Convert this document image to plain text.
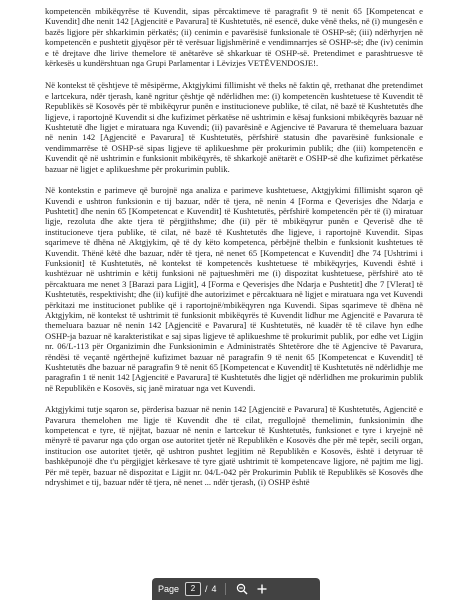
kompetencën mbikëqyrëse të Kuvendit, sipas përcaktimeve të paragrafit 9 të nenit 65 [Kompetencat e Kuvendit] dhe nenit 142 [Agjencitë e Pavarura] të Kushtetutës, në esencë, duke vënë theks, në (i) mungesën e bazës ligjore për shkarkimin përkatës; (ii) cenimin e pavarësisë funksionale të OSHP-së; (iii) ndërhyrjen në kompetencën e pushtetit gjyqësor për të verësuar ligjshmërinë e vendimnarrjes së OSHP-së; dhe (iv) cenimin e të drejtave dhe lirive themelore të anëtarëve së shkarkuar të OSHP-së. Pretendimet e parashtruesve të kërkesës u kundërshtuan nga Grupi Parlamentar i Lëvizjes VETËVENDOSJE!.

Në kontekst të çështjeve të mësipërme, Aktgjykimi fillimisht vë theks në faktin që, rrethanat dhe pretendimet e lartcekura, ndër tjerash, kanë ngritur çështje që ndërlidhen me: (i) kompetencën kushtetuese të Kuvendit të Republikës së Kosovës për të mbikëqyrur punën e institucioneve publike, të cilat, në bazë të Kushtetutës dhe ligjeve, i raportojnë Kuvendit si dhe kufizimet përkatëse në ushtrimin e kësaj funksioni mbikëqyrës bazuar në Kushtetutë dhe ligjet e miratuara nga Kuvendi; (ii) pavarësinë e Agjencive të Pavarura të themeluara bazuar në nenin 142 [Agjencitë e Pavarura] të Kushtetutës, përfshirë statusin dhe pavarësinë funksionale e vendimmarrëse të OSHP-së sipas ligjeve të aplikueshme për prokurimin publik; dhe (iii) kompetencën e Kuvendit që në ushtrimin e funksionit mbikëqyrës, të shkarkojë anëtarët e OSHP-së dhe kufizimet përkatëse bazuar në ligjet e aplikueshme për prokurimin publik.

Në kontekstin e parimeve që burojnë nga analiza e parimeve kushtetuese, Aktgjykimi fillimisht sqaron që Kuvendi e ushtron funksionin e tij bazuar, ndër të tjera, në nenin 4 [Forma e Qeverisjes dhe Ndarja e Pushtetit] dhe nenin 65 [Kompetencat e Kuvendit] të Kushtetutës, përfshirë kompetencën për të (i) miratuar ligje, rezoluta dhe akte tjera të përgjithshme; dhe (ii) për të mbikëqyrur punën e Qeverisë dhe të institucioneve tjera publike, të cilat, në bazë të Kushtetutës dhe ligjeve, i raportojnë Kuvendit. Sipas sqarimeve të dhëna në Aktgjykim, që të dy këto kompetenca, përbëjnë thelbin e funksionit kushtetues të Kuvendit. Thënë këtë dhe bazuar, ndër të tjera, në nenet 65 [Kompetencat e Kuvendit] dhe 74 [Ushtrimi i Funksionit] të Kushtetutës, në kontekst të kompetencës kushtetuese të mbikëqyrjes, Kuvendi është i kushtëzuar në ushtrimin e këtij funksioni në pajtueshmëri me (i) dispozitat kushtetuese, përfshirë ato të përcaktuara me nenet 3 [Barazi para Ligjit], 4 [Forma e Qeverisjes dhe Ndarja e Pushtetit] dhe 7 [Vlerat] të Kushtetutës, respektivisht; dhe (ii) kufijtë dhe autorizimet e përcaktuara në ligjet e miratuara nga vet Kuvendi përkitazi me institucionet publike që i raportojnë/mbikëqyren nga Kuvendi. Sipas sqarimeve të dhëna në Aktgjykim, në kontekst të ushtrimit të funksionit mbikëqyrës të Kuvendit lidhur me Agjencitë e Pavarura të themeluara bazuar në nenin 142 [Agjencitë e Pavarura] të Kushtetutës, në kuadër të të cilave hyn edhe OSHP-ja bazuar në karakteristikat e saj sipas ligjeve të aplikueshme të prokurimit publik, por edhe vet Ligjin nr. 06/L-113 për Organizimin dhe Funksionimin e Administratës Shtetërore dhe të Agjencive të Pavarura, rëndësi të veçantë ngërthejnë kufizimet bazuar në paragrafin 9 të nenit 65 [Kompetencat e Kuvendit] të Kushtetutës dhe bazuar në paragrafin 9 të nenit 65 [Kompetencat e Kuvendit] të Kushtetutës në ndërlidhje me paragrafin 1 të nenit 142 [Agjencitë e Pavarura] të Kushtetutës dhe ligjet që ndërlidhen me prokurimin publik në Republikën e Kosovës, siç janë miratuar nga vet Kuvendi.

Aktgjykimi tutje sqaron se, përderisa bazuar në nenin 142 [Agjencitë e Pavarura] të Kushtetutës, Agjencitë e Pavarura themelohen me ligje të Kuvendit dhe të cilat, rregullojnë themelimin, funksionimin dhe kompetencat e tyre, të njëjtat, bazuar në nenin e lartcekur të Kushtetutës, funksionet e tyre i kryejnë në mënyrë të pavarur nga çdo organ ose autoritet tjetër në Republikën e Kosovës dhe për më tepër, secili organ, institucion ose autoritet tjetër, që ushtron pushtet legjitim në Republikën e Kosovës, është i detyruar të bashkëpunojë dhe t'u përgjigjet kërkesave të tyre gjatë ushtrimit të kompetencave ligjore, në pajtim me ligj. Për më tepër, bazuar në dispozitat e Ligjit nr. 04/L-042 për Prokurimin Publik të Republikës së Kosovës dhe ndryshimet e tij, bazuar ndër të tjera, në nenet ... ndër tjerash, (i) OSHP është

Page	2	/ 4
